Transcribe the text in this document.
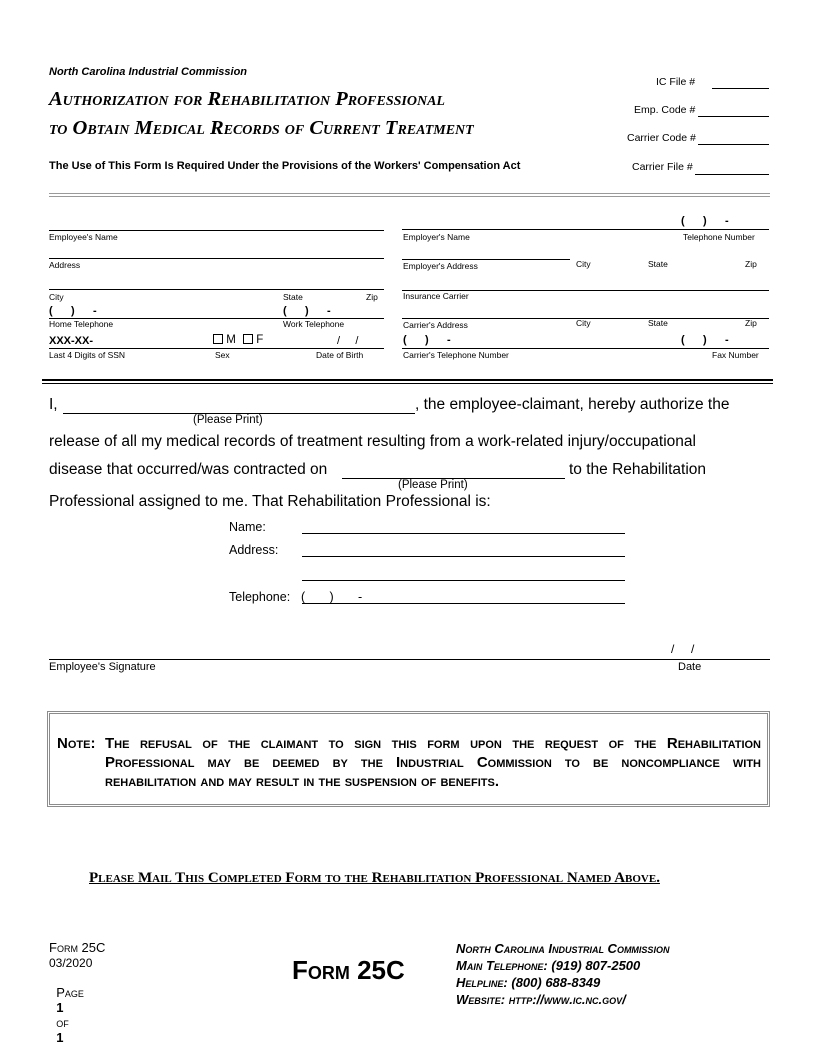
North Carolina Industrial Commission
Authorization for Rehabilitation Professional
to Obtain Medical Records of Current Treatment
The Use of This Form Is Required Under the Provisions of the Workers' Compensation Act
IC File #
Emp. Code #
Carrier Code #
Carrier File #
Employee's Name
Address
City	State	Zip
(      )      -	(      )      -
Home Telephone	Work Telephone
XXX-XX-	M F	/     /
Last 4 Digits of SSN	Sex	Date of Birth
(      )      -
Employer's Name	Telephone Number
City	State	Zip
Employer's Address
Insurance Carrier
City	State	Zip
Carrier's Address
(      )      -	(      )      -
Carrier's Telephone Number	Fax Number
I,	, the employee-claimant, hereby authorize the
(Please Print)
release of all my medical records of treatment resulting from a work-related injury/occupational
disease that occurred/was contracted on	to the Rehabilitation
(Please Print)
Professional assigned to me. That Rehabilitation Professional is:
Name:
Address:
Telephone: (       )       -
/     /
Employee's Signature	Date
Note: The refusal of the claimant to sign this form upon the request of the Rehabilitation
Professional may be deemed by the Industrial Commission to be noncompliance with
rehabilitation and may result in the suspension of benefits.
Please Mail This Completed Form to the Rehabilitation Professional Named Above.
Form 25C
03/2020

Page
1
of
1

Form 25C
North Carolina Industrial Commission
Main Telephone: (919) 807-2500
Helpline: (800) 688-8349
Website: http://www.ic.nc.gov/
